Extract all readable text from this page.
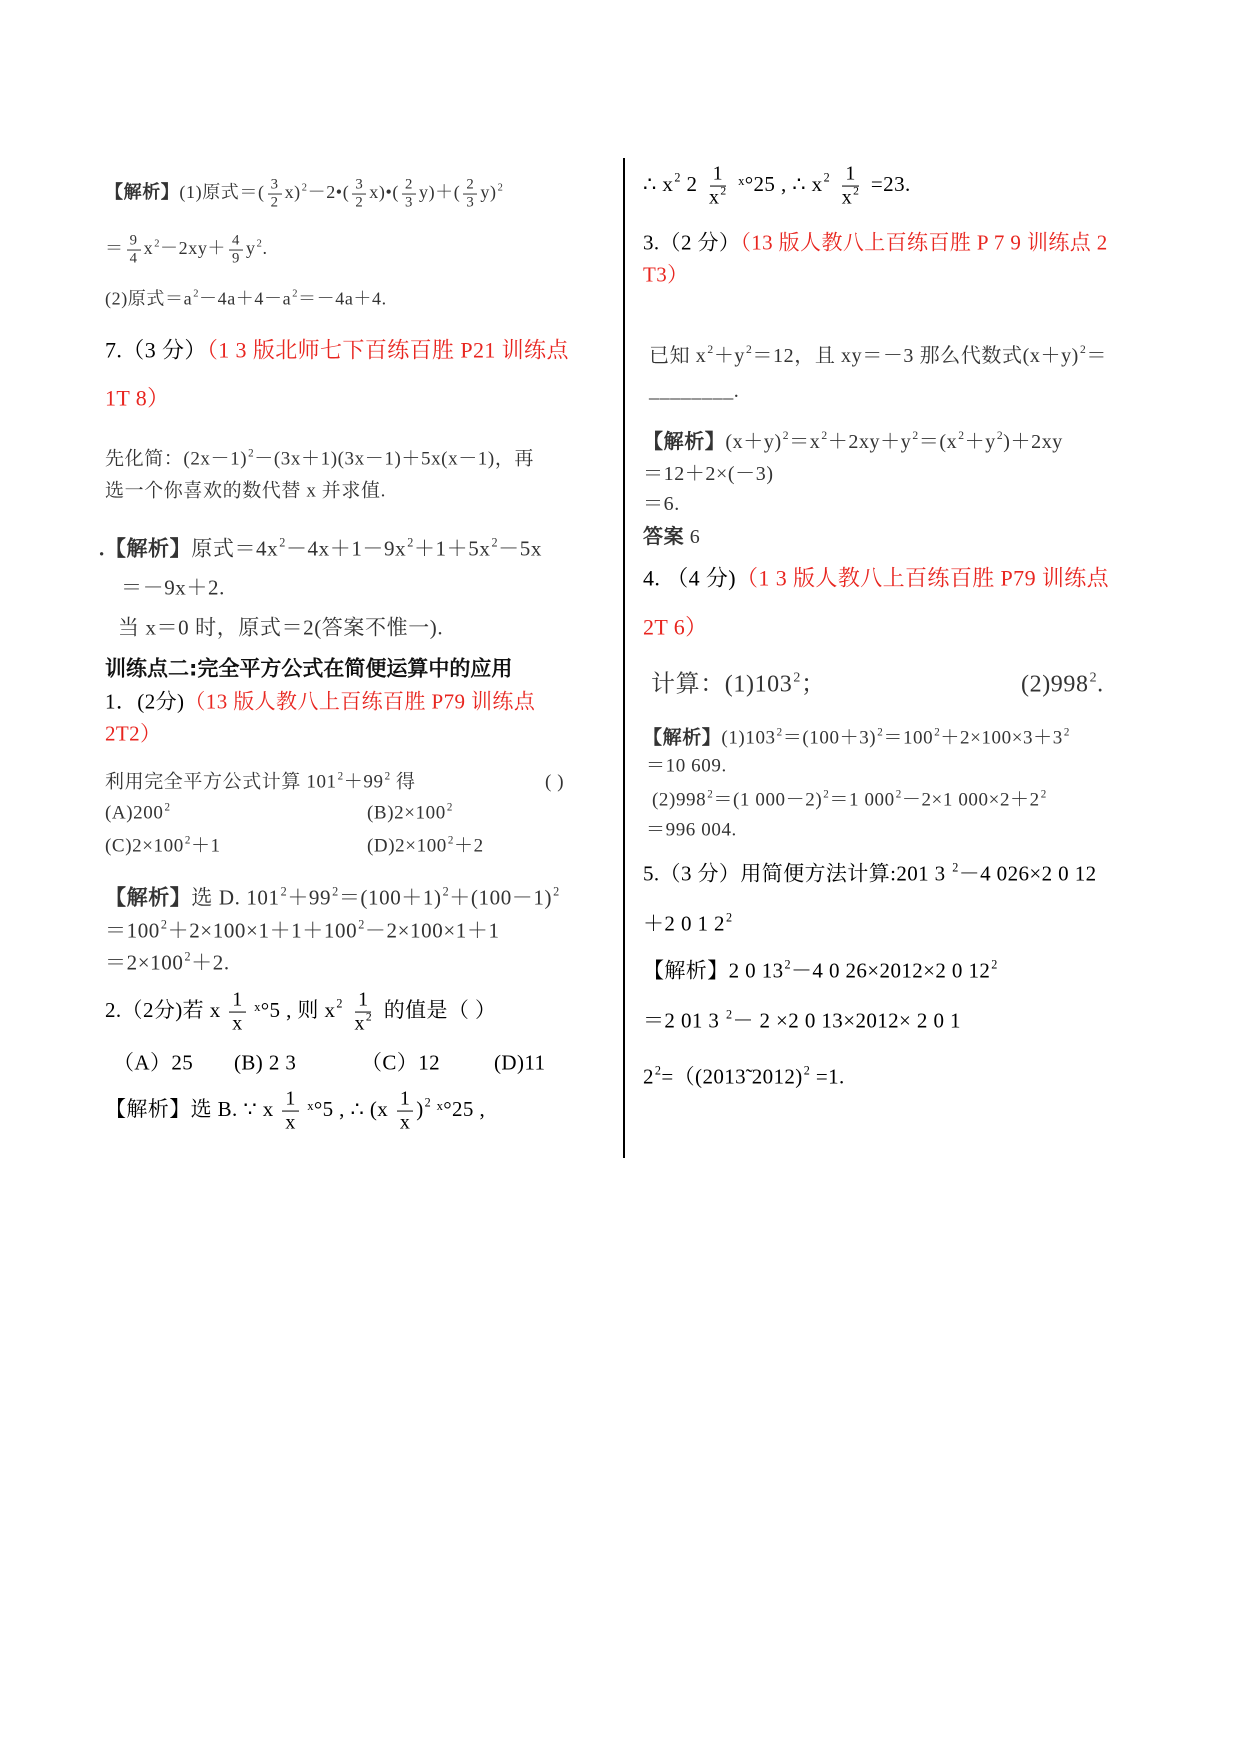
【解析】(1)原式＝( $\frac{3}{2}$ x)$^2$－2•( $\frac{3}{2}$ x)•( $\frac{2}{3} y)+( \frac{2}{3} y)^2$
＝ $\frac{9}{4} x^2-2xy+ \frac{4}{9} y^2$.
(2)原式$=a^2-4a+4-a^2=-4a+4$.
7.（3 分）（1 3 版北师七下百练百胜 P21 训练点
1T 8）
先化简：$(2x-1)^2-(3x+1)(3x-1)+5x(x-1)$，再
选一个你喜欢的数代替 x 并求值.
.【解析】原式$=4x^2-4x+1-9x^2+1+5x^2-5x$
＝－9x＋2.
当 x＝0 时，原式＝2(答案不惟一).
训练点二:完全平方公式在简便运算中的应用
1．(2分)（13 版人教八上百练百胜 P79 训练点
2T2）
利用完全平方公式计算 $101^2+99^2$ 得	( )
$(A)200^2$	$(B)2\times 100^2$
$(C)2\times 100^2+1$	$(D)2\times 100^2+2$
【解析】选 D. $101^2+99^2=(100+1)^2+(100-1)^2$
$=100^2+2\times 100\times 1+1+100^2-2\times 100\times 1+1$
$=2\times 100^2+2$.
2.（2分)若 x $\frac{1}{x}$ ˣ°5 , 则 $x^2 \frac{1}{x^2}$ 的值是（ ）
（A）25 (B) 2 3	（C）12	(D)11
【解析】选 B. ∵ x $\frac{1}{x}$ ˣ°5 , ∴ $(x \frac{1}{x} )^2$ ˣ°25 ,
∴ $x^2$ $2 \frac{1}{x^2}$ ˣ°25 , ∴ $x^2 \frac{1}{x^2} =23$.
3.（2 分）（13 版人教八上百练百胜 P 7 9 训练点 2
T3）
已知 $x^2+y^2=12$，且 xy＝－3 那么代数式$(x+y)^2=$
________.
【解析】$(x+y)^2=x^2+2xy+y^2=(x^2+y^2)+2xy$
＝12＋2×(－3)
＝6.
答案 6
4. （4 分)（1 3 版人教八上百练百胜 P79 训练点
2T 6）
计算：$(1)103^2$；	$(2)998^2$.
【解析】$(1)103^2=(100+3)^2=100^2+2\times 100\times 3+3^2$
＝10 609.
$(2)998^2=(1$ 000－2)$^2$＝1 $000^2-2\times 1$ $000\times 2+2^2$
＝996 004.
5.（3 分）用简便方法计算:201 3 $^2$－4 026×2 0 12
＋2 0 1 $2^2$
【解析】2 0 $13^2-4$ 0 26×2012×2 0 $12^2$
＝2 01 3 $^2$－ 2 ×2 0 13×2012× 2 0 1
$2^2=((2013̃$ 2012)$^2$ =1.
